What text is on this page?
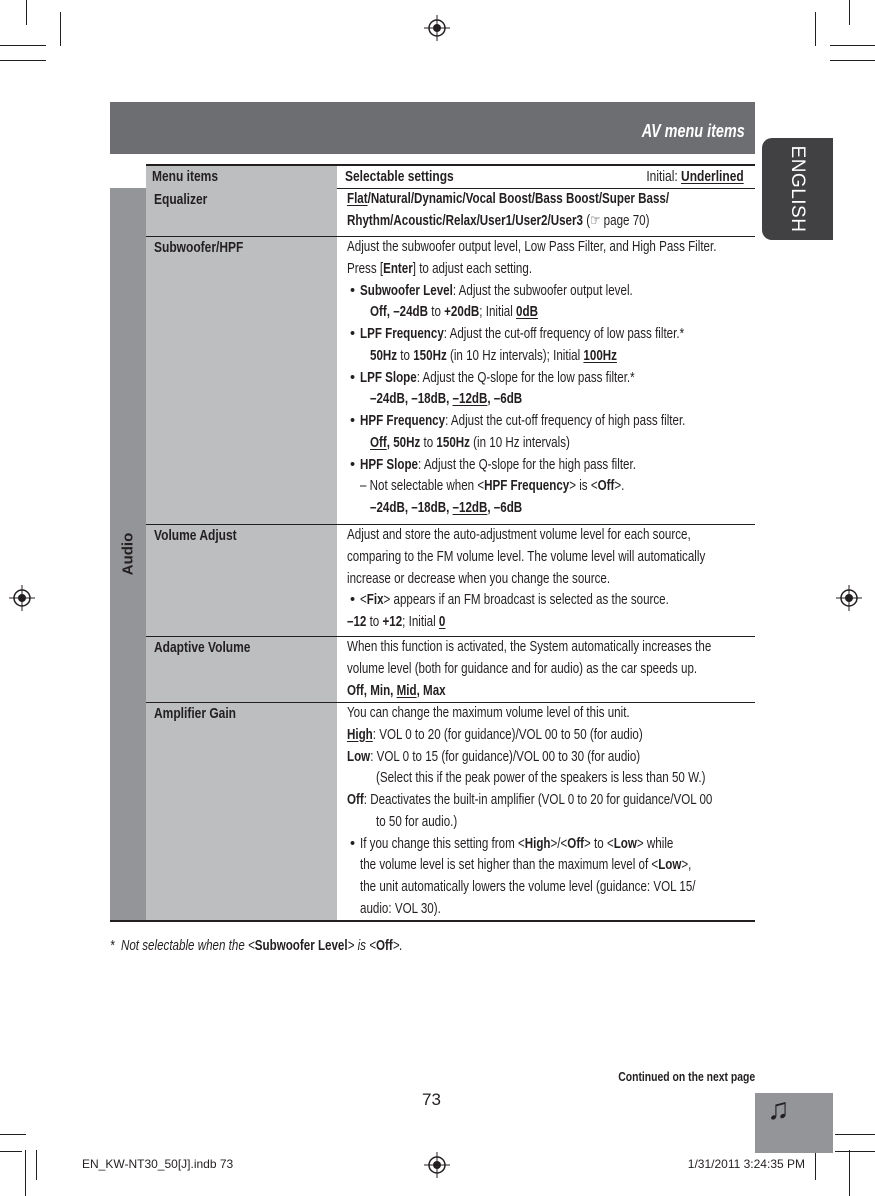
AV menu items
ENGLISH
Menu items	Selectable settings	Initial: Underlined
Audio
Equalizer	Flat/Natural/Dynamic/Vocal Boost/Bass Boost/Super Bass/
Rhythm/Acoustic/Relax/User1/User2/User3 (☞ page 70)
Subwoofer/HPF	Adjust the subwoofer output level, Low Pass Filter, and High Pass Filter.
Press [Enter] to adjust each setting.
• Subwoofer Level: Adjust the subwoofer output level.
Off, –24dB to +20dB; Initial 0dB
• LPF Frequency: Adjust the cut-off frequency of low pass filter.*
50Hz to 150Hz (in 10 Hz intervals); Initial 100Hz
• LPF Slope: Adjust the Q-slope for the low pass filter.*
–24dB, –18dB, –12dB, –6dB
• HPF Frequency: Adjust the cut-off frequency of high pass filter.
Off, 50Hz to 150Hz (in 10 Hz intervals)
• HPF Slope: Adjust the Q-slope for the high pass filter.
– Not selectable when <HPF Frequency> is <Off>.
–24dB, –18dB, –12dB, –6dB
Volume Adjust	Adjust and store the auto-adjustment volume level for each source,
comparing to the FM volume level. The volume level will automatically
increase or decrease when you change the source.
• <Fix> appears if an FM broadcast is selected as the source.
–12 to +12; Initial 0
Adaptive Volume	When this function is activated, the System automatically increases the
volume level (both for guidance and for audio) as the car speeds up.
Off, Min, Mid, Max
Amplifier Gain	You can change the maximum volume level of this unit.
High: VOL 0 to 20 (for guidance)/VOL 00 to 50 (for audio)
Low: VOL 0 to 15 (for guidance)/VOL 00 to 30 (for audio)
(Select this if the peak power of the speakers is less than 50 W.)
Off: Deactivates the built-in amplifier (VOL 0 to 20 for guidance/VOL 00
to 50 for audio.)
• If you change this setting from <High>/<Off> to <Low> while
the volume level is set higher than the maximum level of <Low>,
the unit automatically lowers the volume level (guidance: VOL 15/
audio: VOL 30).
* Not selectable when the <Subwoofer Level> is <Off>.
Continued on the next page
73	♫
EN_KW-NT30_50[J].indb 73	1/31/2011 3:24:35 PM
